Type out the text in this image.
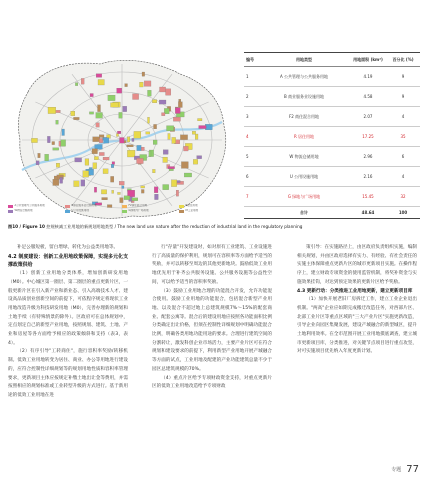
A公共管理与公共服务用地	B商业服务业设施用地	F2商住混合用地	R居住用地
W物流仓储用地	U公用设施用地	G绿地与广场用地	M工业用地
图10 / Figure 10 控规核减工业用地的新规划用地类型 / The new land use nature after the reduction of industrial land in the regulatory planning
编号	用地类型	用地面积 (km²)	百分比 (%)
1	A 公共管理与公共服务用地	4.19	9
2	B 商业服务业设施用地	4.58	9
3	F2 商住混合用地	2.07	4
4	R 居住用地	17.25	35
5	W 物流仓储用地	2.96	6
6	U 公用设施用地	2.16	4
7	G 绿地与广场用地	15.45	32
	合计	48.64	100

补足公服短板，留白增绿，转化为公益类用地等。

4.2 制度建设：创新工业用地政策保障，实现多元化支撑政策供给

（1）创新工业用地分类体系，增加创新研发用地（M0）。中心城区第一圈层、第二圈层的重点更新片区，一般更新片区在引入新产业和新业态、引入高端技术人才、建设高品质创业创新空间的前提下，可依程序规定将现状工业用地改造升级为科技研发用地（M0），完善办理新的规划和土地手续（有特殊情景的除外）。区政府可在总体规划中，定点划定自己的新型产业用地，按照规划、建筑、土地、产业和房屋等各方面给予相应的政策倾斜和支持（表3，表4）。

（2）有序引导"工转商住"，施行容积率奖励/转移机制。低效工业用地转变为居住、商业、办公等用地进行建设的，应符合控制性详细规划等的规划用地性质和容积率管理要求，更新项目主体应按规定补缴土地出让金等费用，并需按照相应的规划标准或工业转型升级的方式进行。基于新用途的低效工业用地在进

行"存量"开发建设时，如对原有工业建筑、工业设施进行了高质量的保护利用，规划可在容积率等方面给予适当的奖励，并可以转移至周边的其他更新地块。鼓励低效工业用地优先用于补齐公共服务设施、公共服务设施等公益性空间，可以给予适当的容积率奖励。

（3）鼓励工业用地合理的功能混合开发，允许功能混合使用。鼓励工业用地的功能混合，包括混合新型产业用地、以及混合不超过地上总建筑规模7%～15%的配套商业、配套公寓等。混合后的建设用地应按照各功能面积比例分类确定出让价格，但须在控制性详细规划中明确功能混合比例，明确各类用地功能用途的要求。合理进行建筑空间的分割转让，激发科创企业市场活力，主要产业片区可在符合规划和建设要求的前提下，利用新型产业用地开展产城融合等方面的试点，工业用地及配建的产业功能建筑总量不少于园区总建筑规模的70%。

（4）重点片区给予专项财政资金支持，对重点更新片区的低效工业用地改造给予专项财政

策引导：在实施路径上，由区政府负责组织实施，编制相关规划，并由区政府选择有实力、有经验、有社会责任的实施主体保障重点更新片区的城市更新项目实施。在操作程序上，建立财政专项资金的使用监管机制，将奖补资金与实施效果挂钩，对达到预定效果的更新片区给予奖励。

4.3 更新行动：分类推进工业用地更新，建立更新项目库

（1）加快开展老旧厂房拆迁工作，建立工业企业退出机制。"两高"企业应如期完成搬迁改造任务，对西部片区、北部工业片区等重点区域的"三大产业片区"实施更新改造，引导企业向园区集聚发展，建设产城融合的新型城区，提升土地利用效率。在全市范围开展工业用地摸底调查，建立城市更新项目库，分类推进，对关键节点项目进行重点攻坚，对可实施项目优先纳入年度更新计划。

专题 77
